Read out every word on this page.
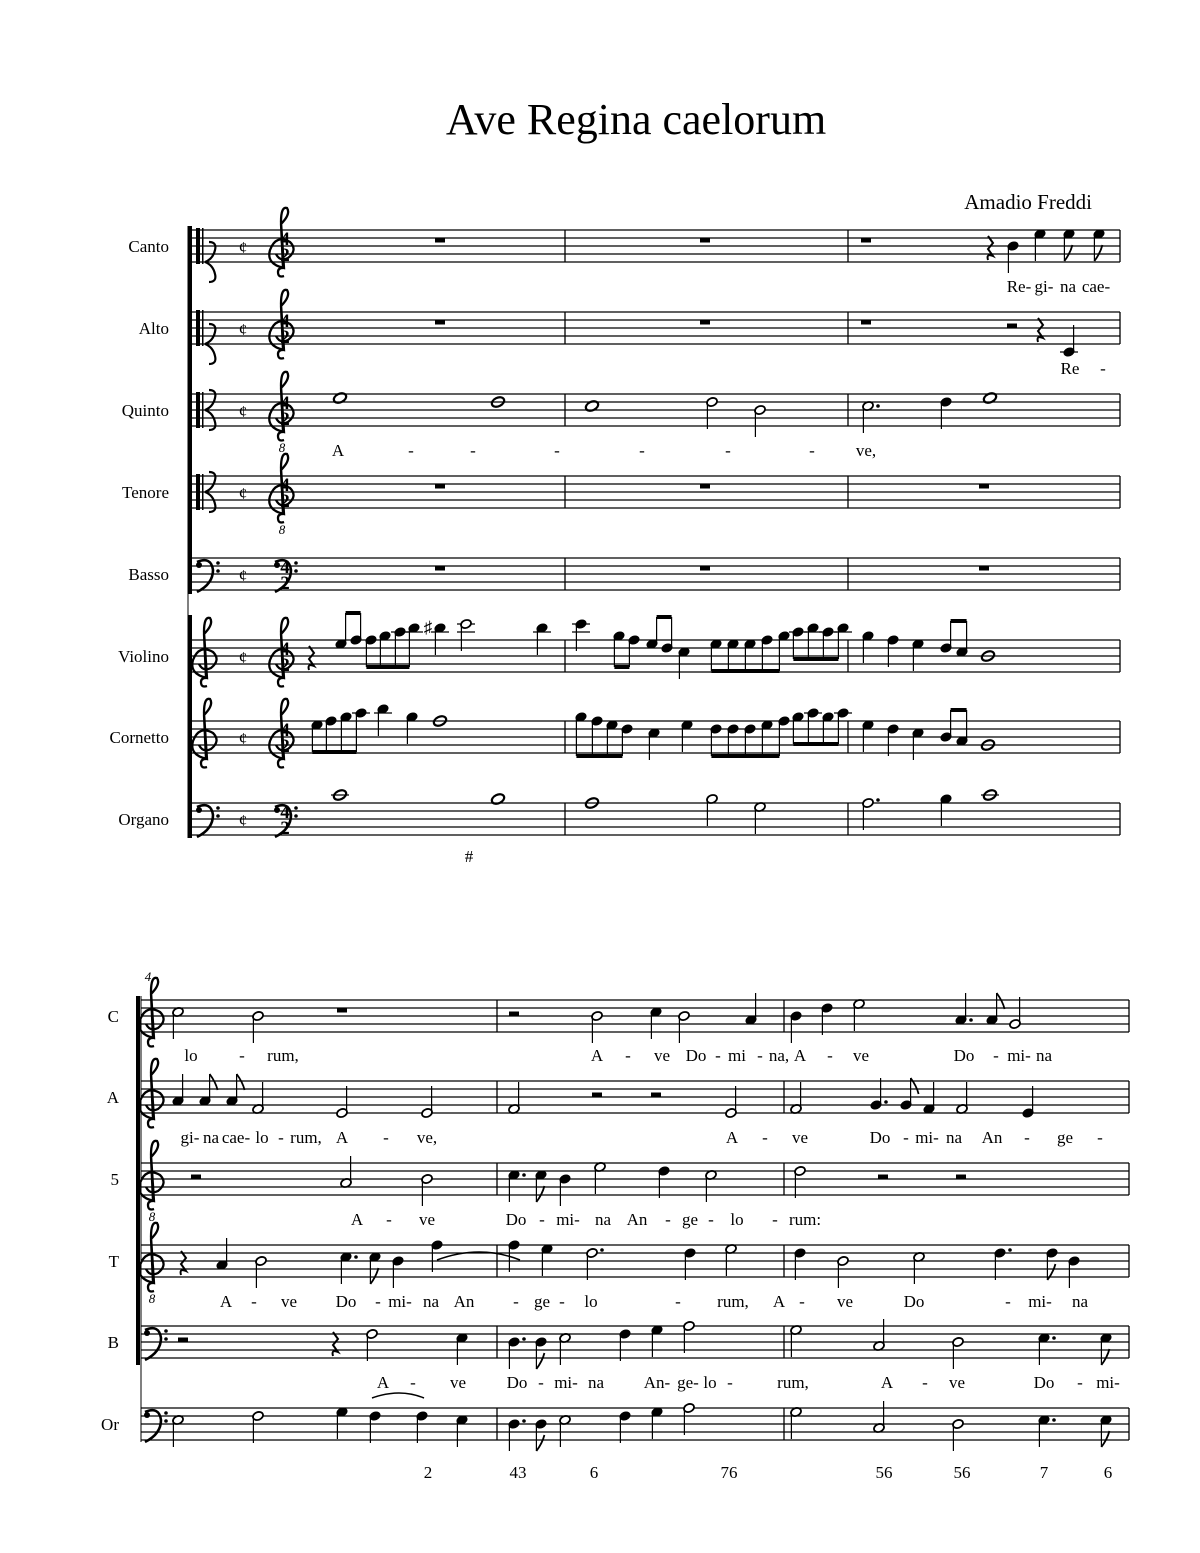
Ave Regina caelorum
Amadio Freddi
¢ 4
2
Canto
¢ 4
2
Alto
¢
8
4
2
Quinto
¢
8
4
2
Tenore
¢ 4
2
Basso
¢ 4
2
Violino
¢ 4
2
Cornetto
¢ 4
2
Organo
Re- gi- na cae-
Re -
A	-	-	-	-	-	- ve,
♯
#
C
A
8
5
8
T
B
Or
4
lo - rum,	A - ve Do - mi - na, A - ve	Do - mi- na
gi- na cae- lo - rum, A - ve,	A - ve	Do - mi- na An - ge -
A - ve	Do - mi- na An - ge - lo - rum:
A - ve Do - mi- na An - ge - lo	- rum, A - ve	Do	- mi- na
A - ve Do - mi- na An- ge- lo -	rum,	A - ve	Do - mi-
2	43	6	76	56	56	7	6
